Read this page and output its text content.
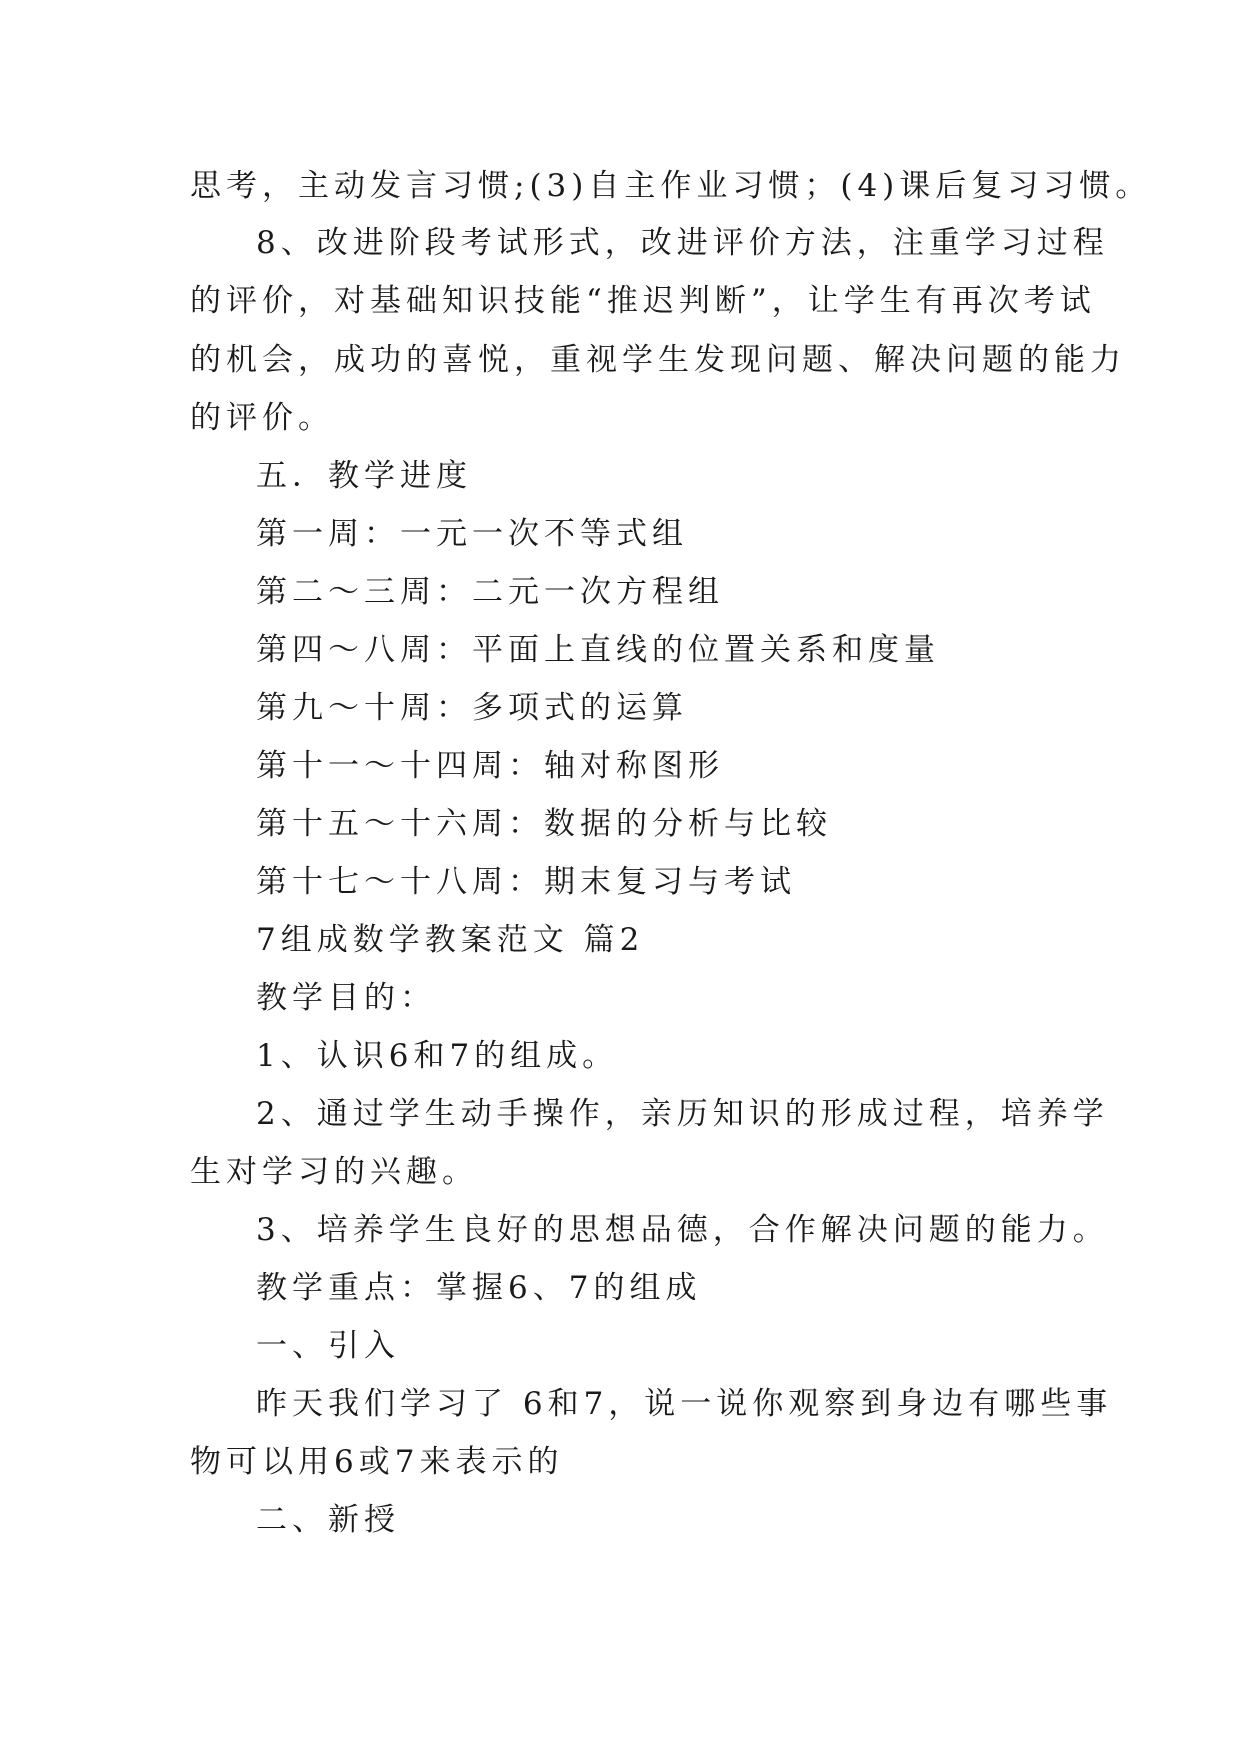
思考，主动发言习惯;(3)自主作业习惯；(4)课后复习习惯。
8、改进阶段考试形式，改进评价方法，注重学习过程
的评价，对基础知识技能“推迟判断”，让学生有再次考试
的机会，成功的喜悦，重视学生发现问题、解决问题的能力
的评价。
五．教学进度
第一周：一元一次不等式组
第二～三周：二元一次方程组
第四～八周：平面上直线的位置关系和度量
第九～十周：多项式的运算
第十一～十四周：轴对称图形
第十五～十六周：数据的分析与比较
第十七～十八周：期末复习与考试
7组成数学教案范文 篇2
教学目的：
1、认识6和7的组成。
2、通过学生动手操作，亲历知识的形成过程，培养学
生对学习的兴趣。
3、培养学生良好的思想品德，合作解决问题的能力。
教学重点：掌握6、7的组成
一、引入
昨天我们学习了 6和7，说一说你观察到身边有哪些事
物可以用6或7来表示的
二、新授
